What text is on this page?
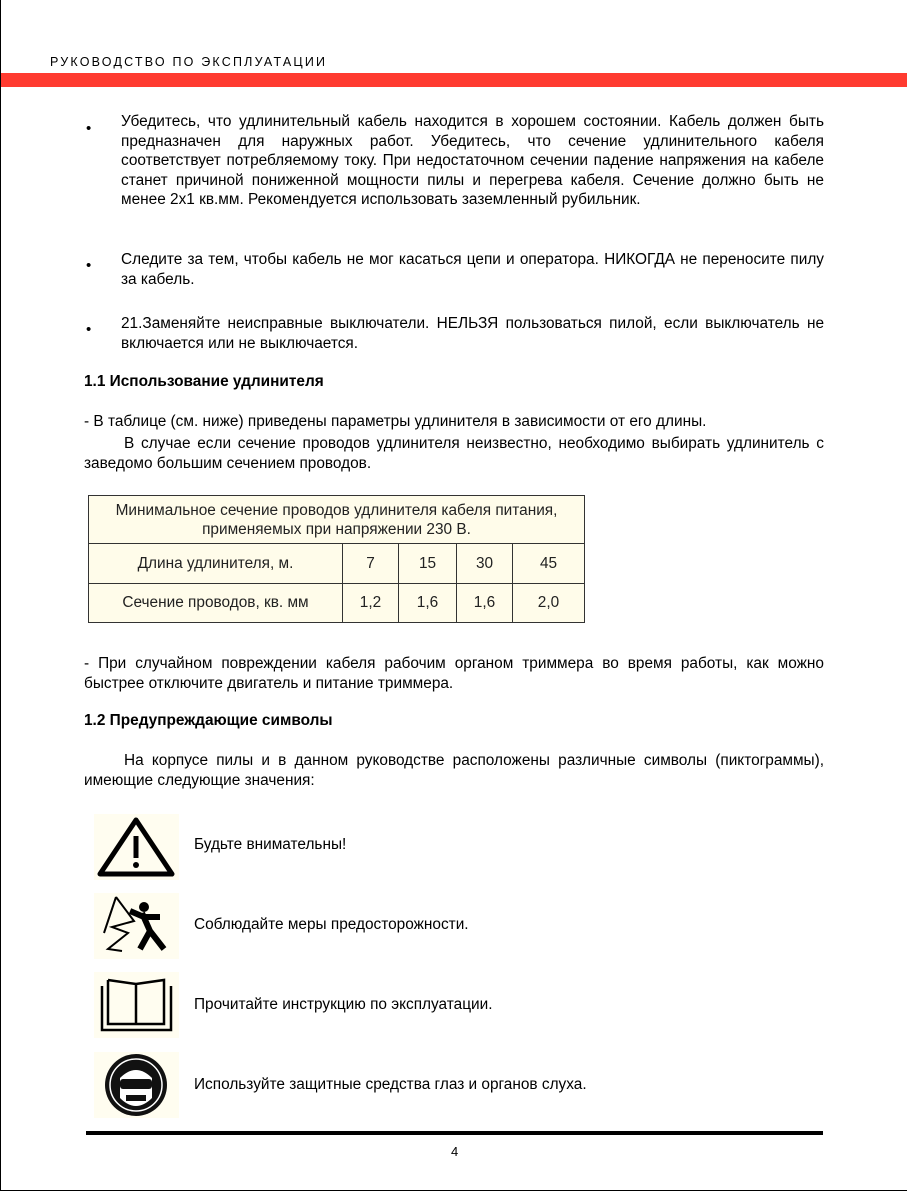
РУКОВОДСТВО ПО ЭКСПЛУАТАЦИИ
• Убедитесь, что удлинительный кабель находится в хорошем состоянии. Кабель должен быть предназначен для наружных работ. Убедитесь, что сечение удлинительного кабеля соответствует потребляемому току. При недостаточном сечении падение напряжения на кабеле станет причиной пониженной мощности пилы и перегрева кабеля. Сечение должно быть не менее 2х1 кв.мм. Рекомендуется использовать заземленный рубильник.
• Следите за тем, чтобы кабель не мог касаться цепи и оператора. НИКОГДА не переносите пилу за кабель.
• 21.Заменяйте неисправные выключатели. НЕЛЬЗЯ пользоваться пилой, если выключатель не включается или не выключается.
1.1 Использование удлинителя
- В таблице (см. ниже) приведены параметры удлинителя в зависимости от его длины.
В случае если сечение проводов удлинителя неизвестно, необходимо выбирать удлинитель с заведомо большим сечением проводов.
Минимальное сечение проводов удлинителя кабеля питания, применяемых при напряжении 230 В.				
Длина удлинителя, м.	7	15	30	45
Сечение проводов, кв. мм	1,2	1,6	1,6	2,0
- При случайном повреждении кабеля рабочим органом триммера во время работы, как можно быстрее отключите двигатель и питание триммера.
1.2 Предупреждающие символы
На корпусе пилы и в данном руководстве расположены различные символы (пиктограммы), имеющие следующие значения:
Будьте внимательны!
Соблюдайте меры предосторожности.
Прочитайте инструкцию по эксплуатации.
Используйте защитные средства глаз и органов слуха.
4
